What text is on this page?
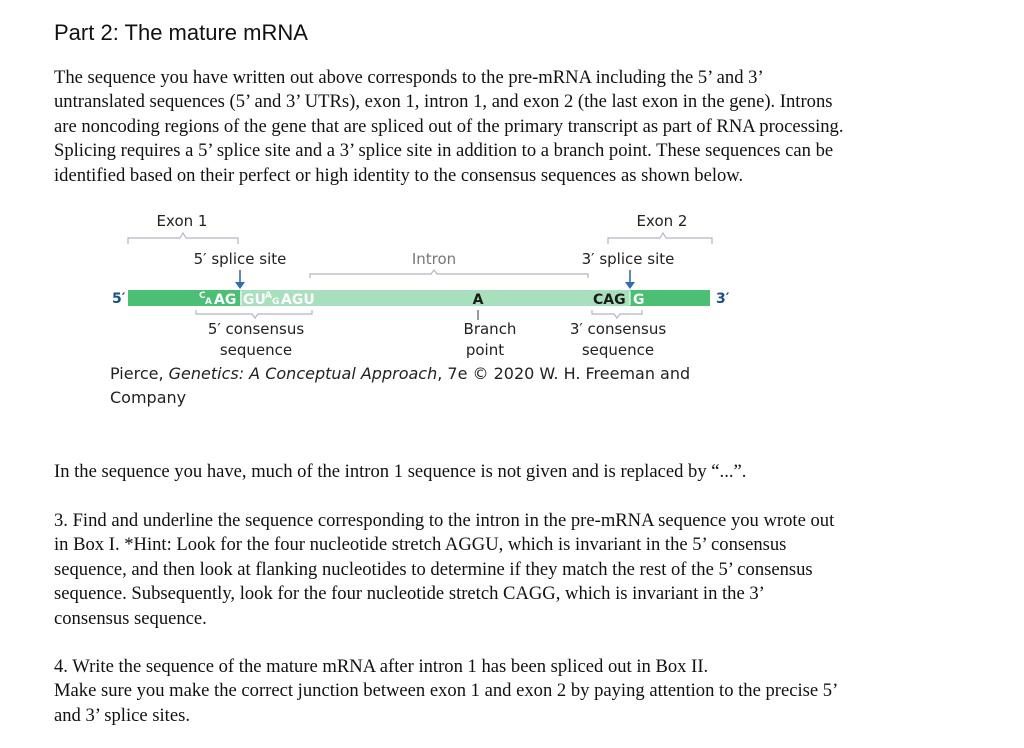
Part 2: The mature mRNA
The sequence you have written out above corresponds to the pre-mRNA including the 5’ and 3’
untranslated sequences (5’ and 3’ UTRs), exon 1, intron 1, and exon 2 (the last exon in the gene). Introns
are noncoding regions of the gene that are spliced out of the primary transcript as part of RNA processing.
Splicing requires a 5’ splice site and a 3’ splice site in addition to a branch point. These sequences can be
identified based on their perfect or high identity to the consensus sequences as shown below.
Exon 1	Exon 2
5′ splice site	Intron	3′ splice site
5′	3′
C
A AG GU A
G AGU	A	CAG G
5′ consensus
sequence
Branch
point
3′ consensus
sequence
Pierce, Genetics: A Conceptual Approach, 7e © 2020 W. H. Freeman and
Company
In the sequence you have, much of the intron 1 sequence is not given and is replaced by “...”.
3. Find and underline the sequence corresponding to the intron in the pre-mRNA sequence you wrote out
in Box I. *Hint: Look for the four nucleotide stretch AGGU, which is invariant in the 5’ consensus
sequence, and then look at flanking nucleotides to determine if they match the rest of the 5’ consensus
sequence. Subsequently, look for the four nucleotide stretch CAGG, which is invariant in the 3’
consensus sequence.
4. Write the sequence of the mature mRNA after intron 1 has been spliced out in Box II.
Make sure you make the correct junction between exon 1 and exon 2 by paying attention to the precise 5’
and 3’ splice sites.
